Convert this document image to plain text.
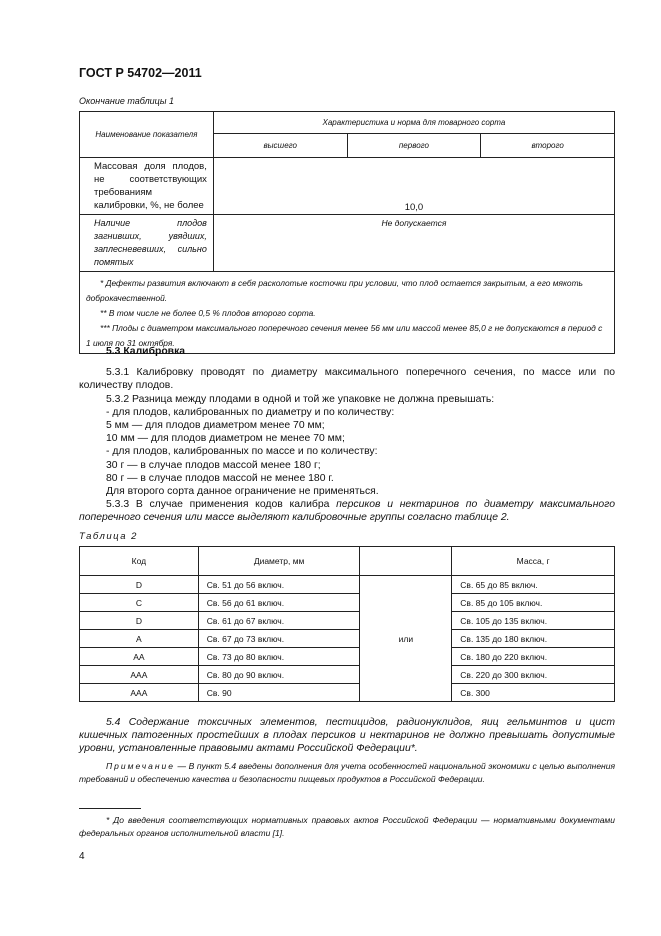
ГОСТ Р 54702—2011
Окончание таблицы 1
Наименование показателя	Характеристика и норма для товарного сорта		
	высшего	первого	второго
Массовая доля плодов, не соответствующих требованиям калибровки, %, не более	10,0		
Наличие плодов загнивших, увядших, заплесневевших, сильно помятых	Не допускается		

* Дефекты развития включают в себя расколотые косточки при условии, что плод остается закрытым, а его мякоть доброкачественной.
** В том числе не более 0,5 % плодов второго сорта.
*** Плоды с диаметром максимального поперечного сечения менее 56 мм или массой менее 85,0 г не допускаются в период с 1 июля по 31 октября.			

5.3 Калибровка

5.3.1 Калибровку проводят по диаметру максимального поперечного сечения, по массе или по количеству плодов.

5.3.2 Разница между плодами в одной и той же упаковке не должна превышать:

- для плодов, калиброванных по диаметру и по количеству:

5 мм — для плодов диаметром менее 70 мм;

10 мм — для плодов диаметром не менее 70 мм;

- для плодов, калиброванных по массе и по количеству:

30 г — в случае плодов массой менее 180 г;

80 г — в случае плодов массой не менее 180 г.

Для второго сорта данное ограничение не применяться.

5.3.3 В случае применения кодов калибра персиков и нектаринов по диаметру максимального поперечного сечения или массе выделяют калибровочные группы согласно таблице 2.

Таблица 2
Код	Диаметр, мм		Масса, г
D	Св. 51 до 56 включ.	или	Св. 65 до 85 включ.
C	Св. 56 до 61 включ.		Св. 85 до 105 включ.
D	Св. 61 до 67 включ.		Св. 105 до 135 включ.
A	Св. 67 до 73 включ.		Св. 135 до 180 включ.
AA	Св. 73 до 80 включ.		Св. 180 до 220 включ.
AAA	Св. 80 до 90 включ.		Св. 220 до 300 включ.
AAA	Св. 90		Св. 300

5.4 Содержание токсичных элементов, пестицидов, радионуклидов, яиц гельминтов и цист кишечных патогенных простейших в плодах персиков и нектаринов не должно превышать допустимые уровни, установленные правовыми актами Российской Федерации*.

Примечание — В пункт 5.4 введены дополнения для учета особенностей национальной экономики с целью выполнения требований и обеспечению качества и безопасности пищевых продуктов в Российской Федерации.
* До введения соответствующих нормативных правовых актов Российской Федерации — нормативными документами федеральных органов исполнительной власти [1].
4
